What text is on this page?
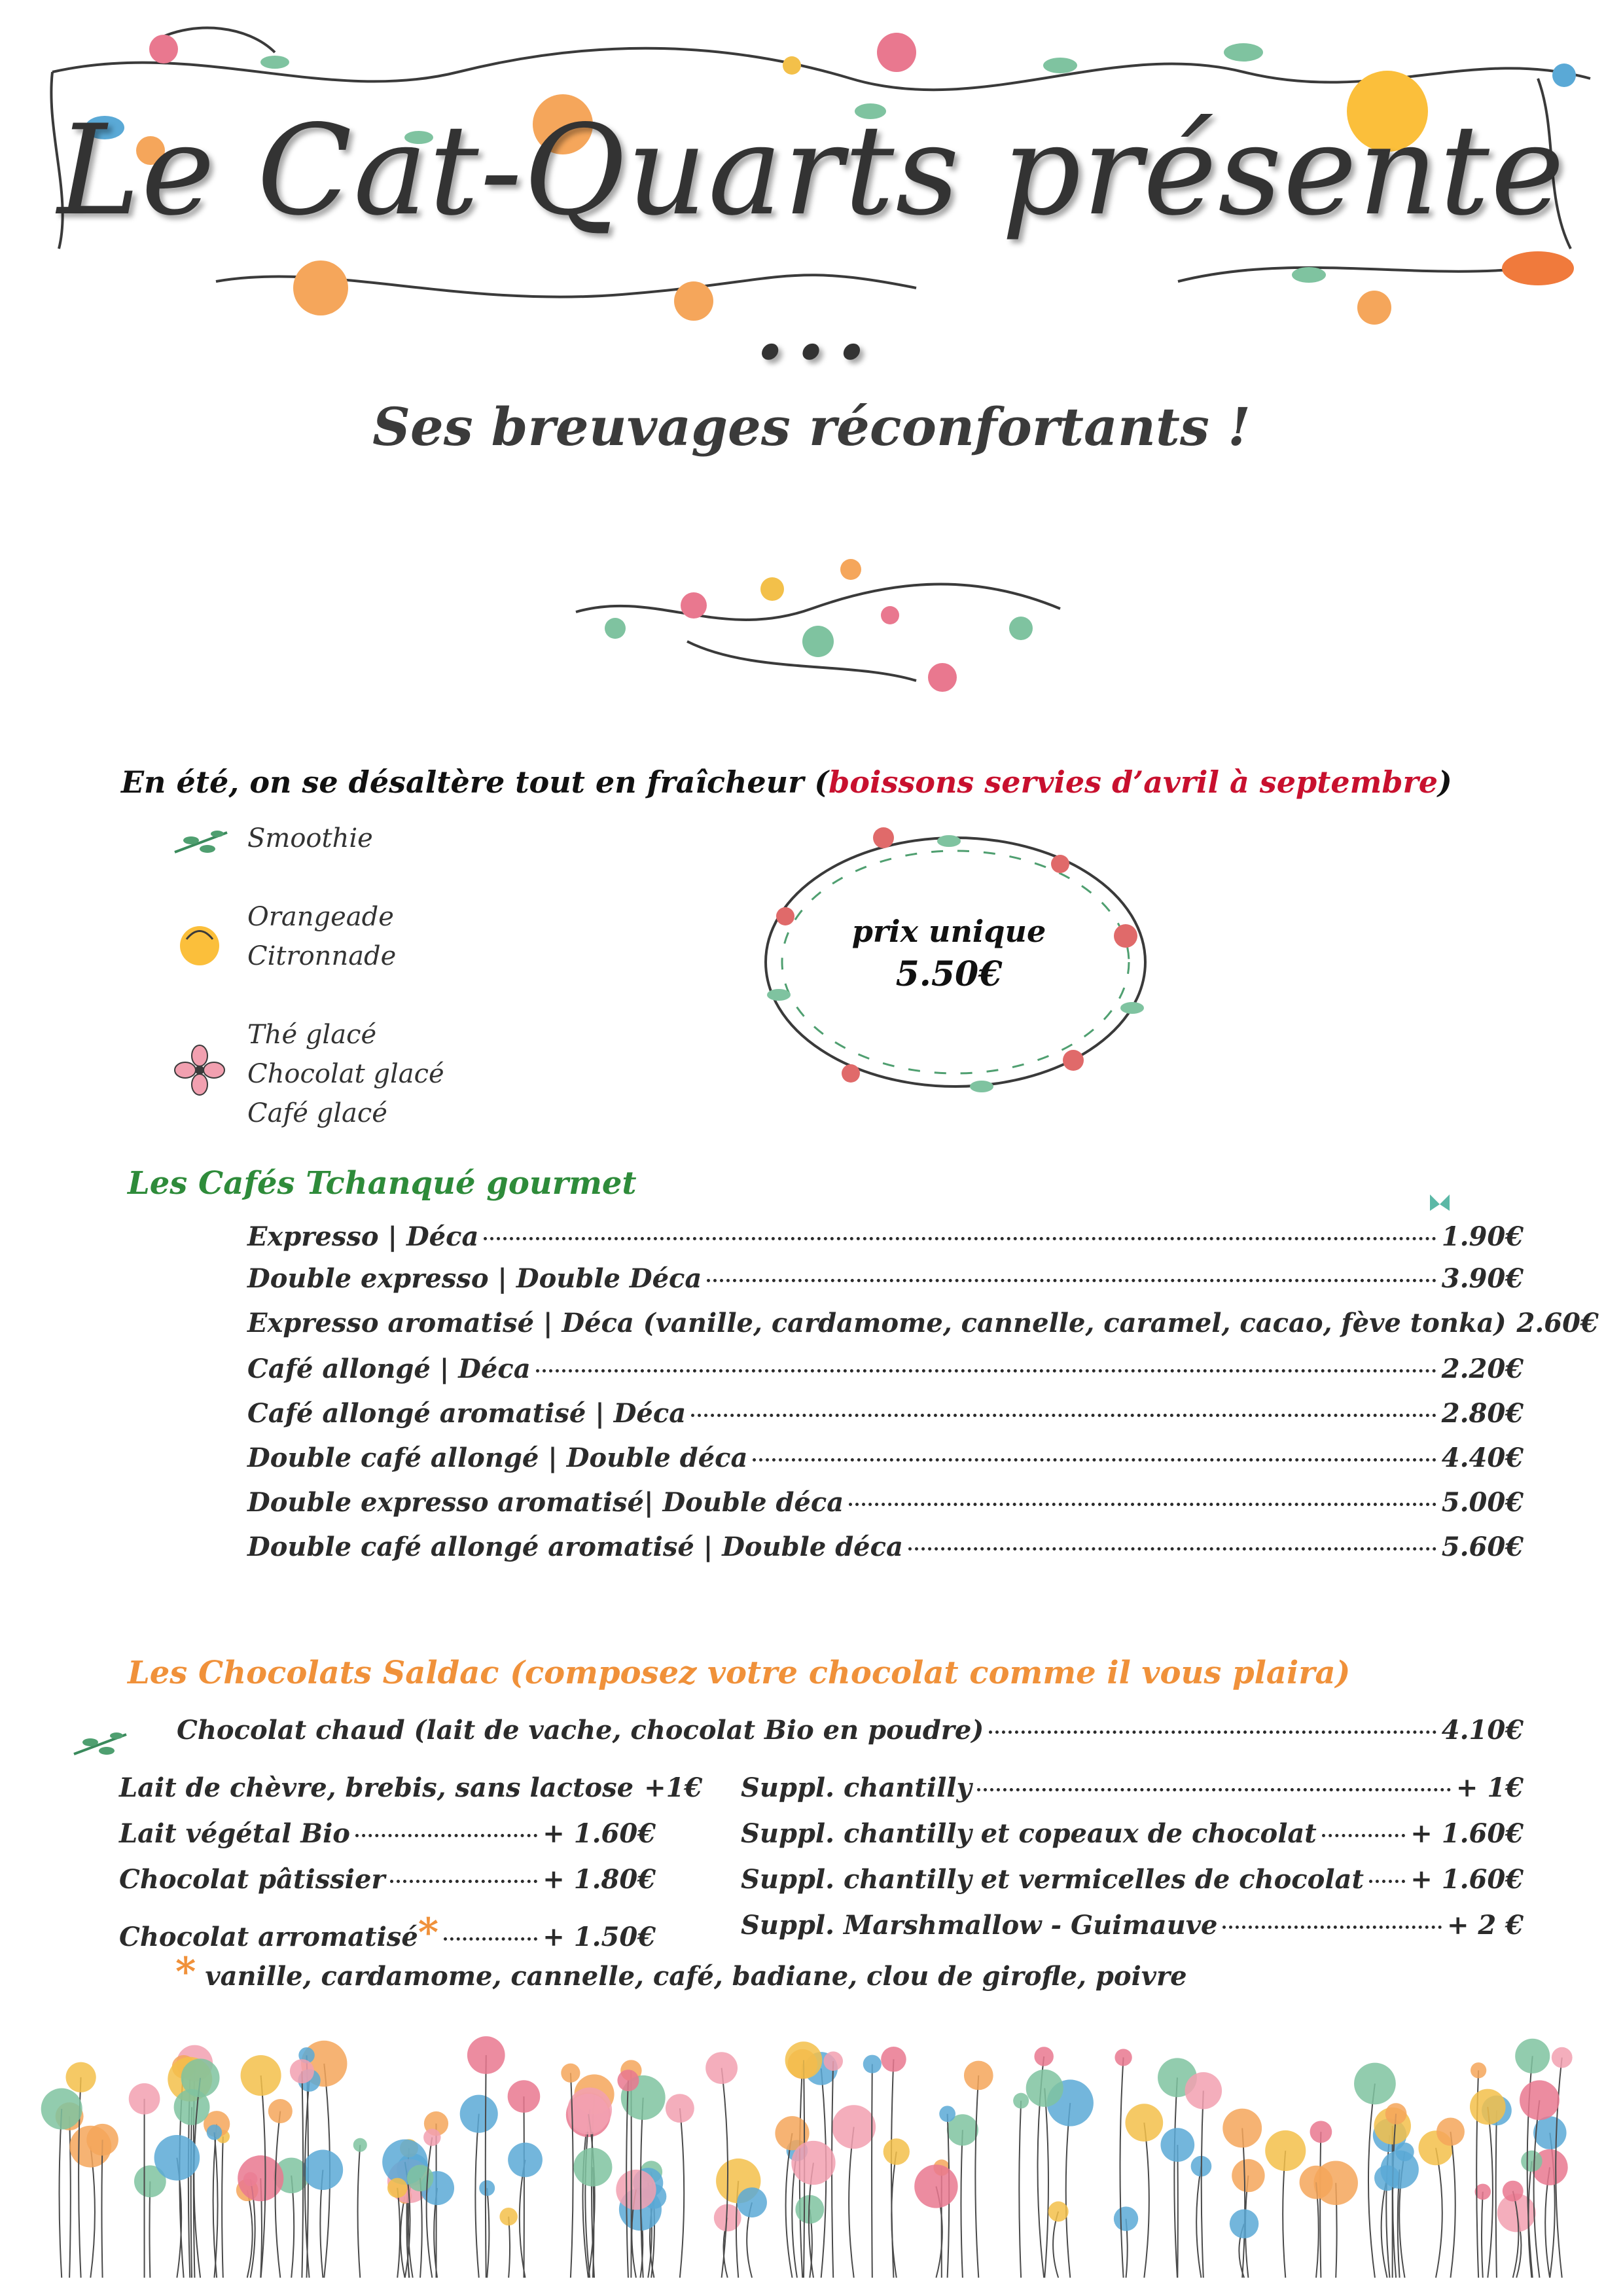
Le Cat-Quarts présente ...
Ses breuvages réconfortants !
En été, on se désaltère tout en fraîcheur (boissons servies d’avril à septembre)
Smoothie
Orangeade
Citronnade
Thé glacé
Chocolat glacé
Café glacé
prix unique
5.50€
Les Cafés Tchanqué gourmet
Expresso | Déca	1.90€
Double expresso | Double Déca	3.90€
Expresso aromatisé | Déca (vanille, cardamome, cannelle, caramel, cacao, fève tonka) 2.60€
Café allongé | Déca	2.20€
Café allongé aromatisé | Déca	2.80€
Double café allongé | Double déca	4.40€
Double expresso aromatisé| Double déca	5.00€
Double café allongé aromatisé | Double déca	5.60€
Les Chocolats Saldac (composez votre chocolat comme il vous plaira)
Chocolat chaud (lait de vache, chocolat Bio en poudre)	4.10€
Lait de chèvre, brebis, sans lactose +1€
Lait végétal Bio	+ 1.60€
Chocolat pâtissier	+ 1.80€
Chocolat arromatisé *	+ 1.50€
Suppl. chantilly	+ 1€
Suppl. chantilly et copeaux de chocolat	+ 1.60€
Suppl. chantilly et vermicelles de chocolat + 1.60€
Suppl. Marshmallow - Guimauve	+ 2 €
* vanille, cardamome, cannelle, café, badiane, clou de girofle, poivre
